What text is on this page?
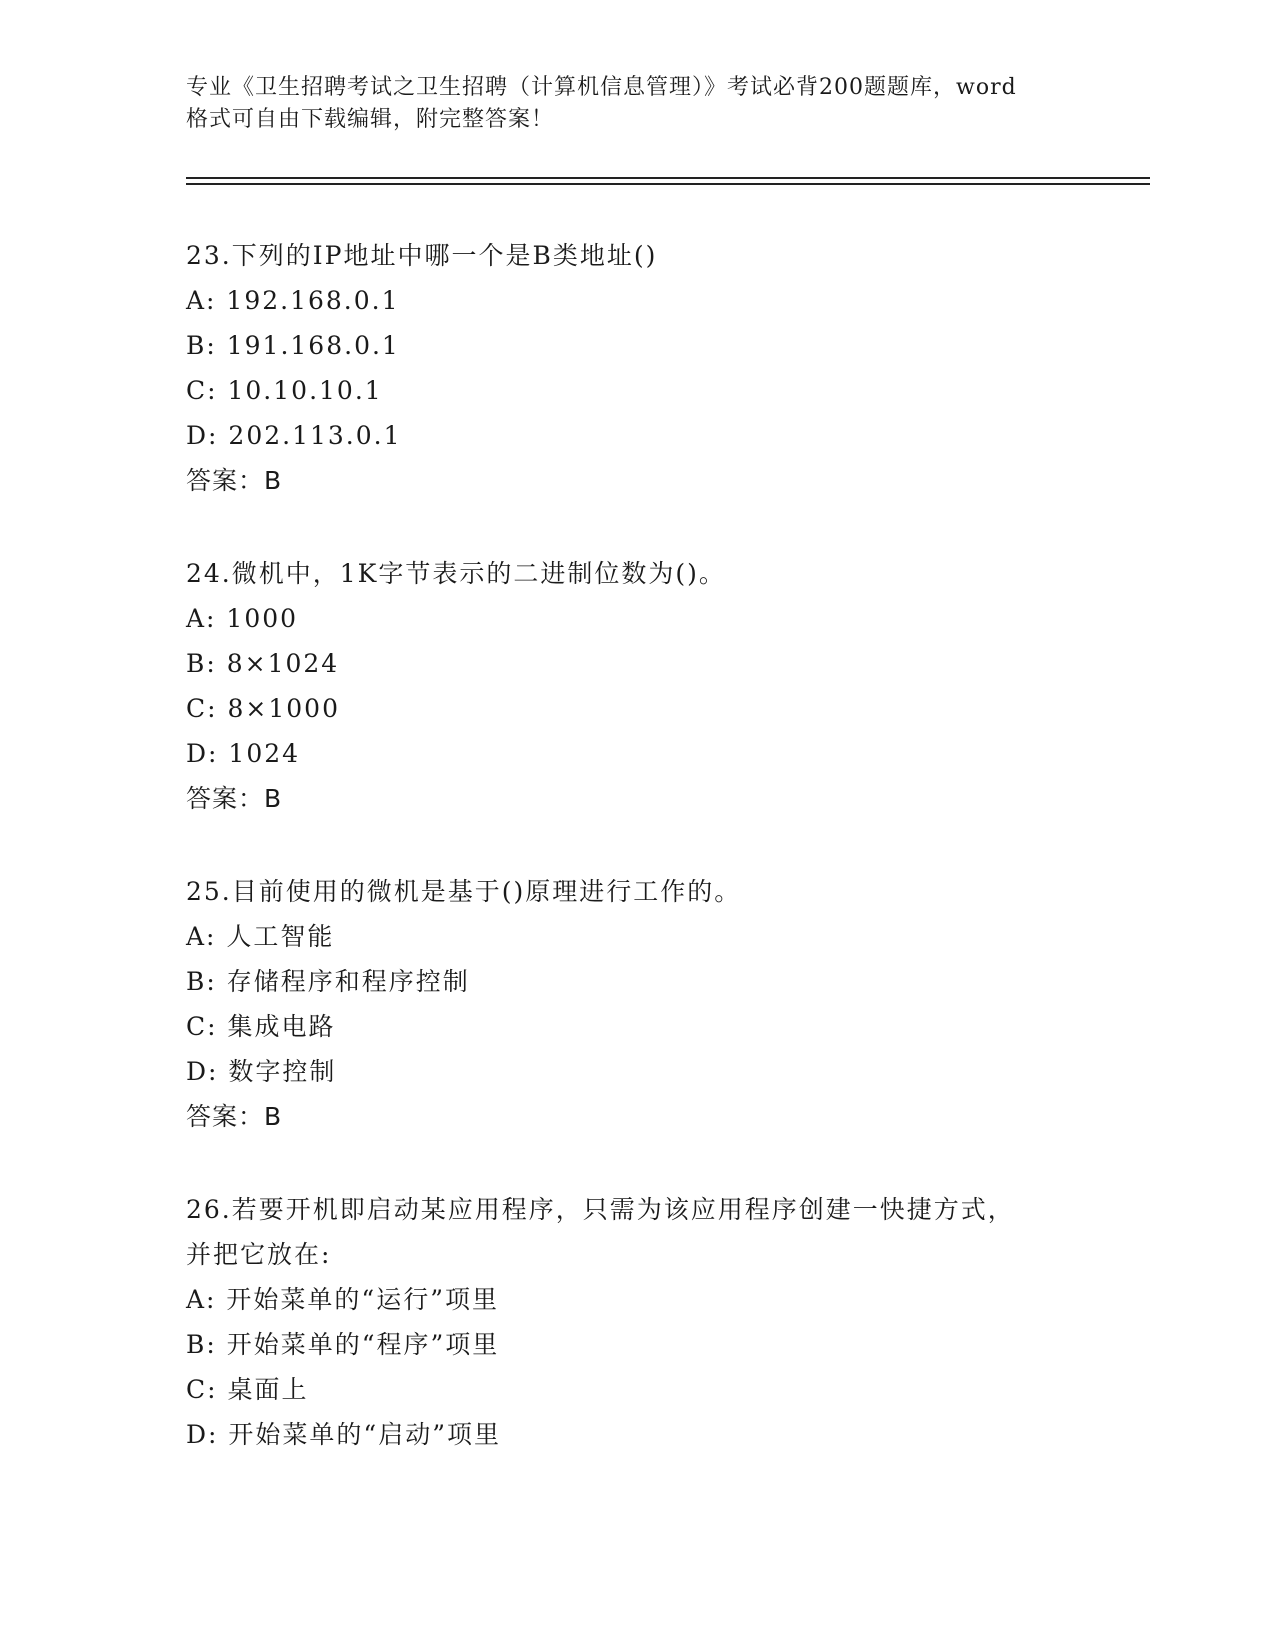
专业《卫生招聘考试之卫生招聘（计算机信息管理）》考试必背200题题库，word
格式可自由下载编辑，附完整答案！
23.下列的IP地址中哪一个是B类地址()
A: 192.168.0.1
B: 191.168.0.1
C: 10.10.10.1
D: 202.113.0.1
答案：B
24.微机中，1K字节表示的二进制位数为()。
A: 1000
B: 8×1024
C: 8×1000
D: 1024
答案：B
25.目前使用的微机是基于()原理进行工作的。
A: 人工智能
B: 存储程序和程序控制
C: 集成电路
D: 数字控制
答案：B
26.若要开机即启动某应用程序，只需为该应用程序创建一快捷方式，
并把它放在:
A: 开始菜单的“运行”项里
B: 开始菜单的“程序”项里
C: 桌面上
D: 开始菜单的“启动”项里
